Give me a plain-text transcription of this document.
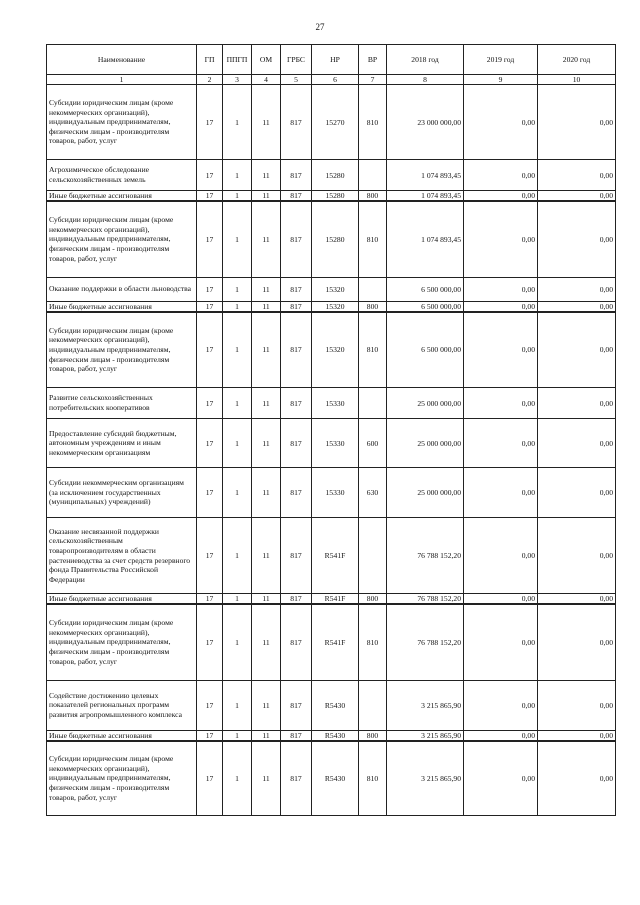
27
Наименование	ГП	ППГП	ОМ	ГРБС	НР	ВР	2018 год	2019 год	2020 год
1	2	3	4	5	6	7	8	9	10
Субсидии юридическим лицам (кроме некоммерческих организаций), индивидуальным предпринимателям, физическим лицам - производителям товаров, работ, услуг	17	1	11	817	15270	810	23 000 000,00	0,00	0,00
Агрохимическое обследование сельскохозяйственных земель	17	1	11	817	15280		1 074 893,45	0,00	0,00
Иные бюджетные ассигнования	17	1	11	817	15280	800	1 074 893,45	0,00	0,00
Субсидии юридическим лицам (кроме некоммерческих организаций), индивидуальным предпринимателям, физическим лицам - производителям товаров, работ, услуг	17	1	11	817	15280	810	1 074 893,45	0,00	0,00
Оказание поддержки в области льноводства	17	1	11	817	15320		6 500 000,00	0,00	0,00
Иные бюджетные ассигнования	17	1	11	817	15320	800	6 500 000,00	0,00	0,00
Субсидии юридическим лицам (кроме некоммерческих организаций), индивидуальным предпринимателям, физическим лицам - производителям товаров, работ, услуг	17	1	11	817	15320	810	6 500 000,00	0,00	0,00
Развитие сельскохозяйственных потребительских кооперативов	17	1	11	817	15330		25 000 000,00	0,00	0,00
Предоставление субсидий бюджетным, автономным учреждениям и иным некоммерческим организациям	17	1	11	817	15330	600	25 000 000,00	0,00	0,00
Субсидии некоммерческим организациям (за исключением государственных (муниципальных) учреждений)	17	1	11	817	15330	630	25 000 000,00	0,00	0,00
Оказание несвязанной поддержки сельскохозяйственным товаропроизводителям в области растениеводства за счет средств резервного фонда Правительства Российской Федерации	17	1	11	817	R541F		76 788 152,20	0,00	0,00
Иные бюджетные ассигнования	17	1	11	817	R541F	800	76 788 152,20	0,00	0,00
Субсидии юридическим лицам (кроме некоммерческих организаций), индивидуальным предпринимателям, физическим лицам - производителям товаров, работ, услуг	17	1	11	817	R541F	810	76 788 152,20	0,00	0,00
Содействие достижению целевых показателей региональных программ развития агропромышленного комплекса	17	1	11	817	R5430		3 215 865,90	0,00	0,00
Иные бюджетные ассигнования	17	1	11	817	R5430	800	3 215 865,90	0,00	0,00
Субсидии юридическим лицам (кроме некоммерческих организаций), индивидуальным предпринимателям, физическим лицам - производителям товаров, работ, услуг	17	1	11	817	R5430	810	3 215 865,90	0,00	0,00
